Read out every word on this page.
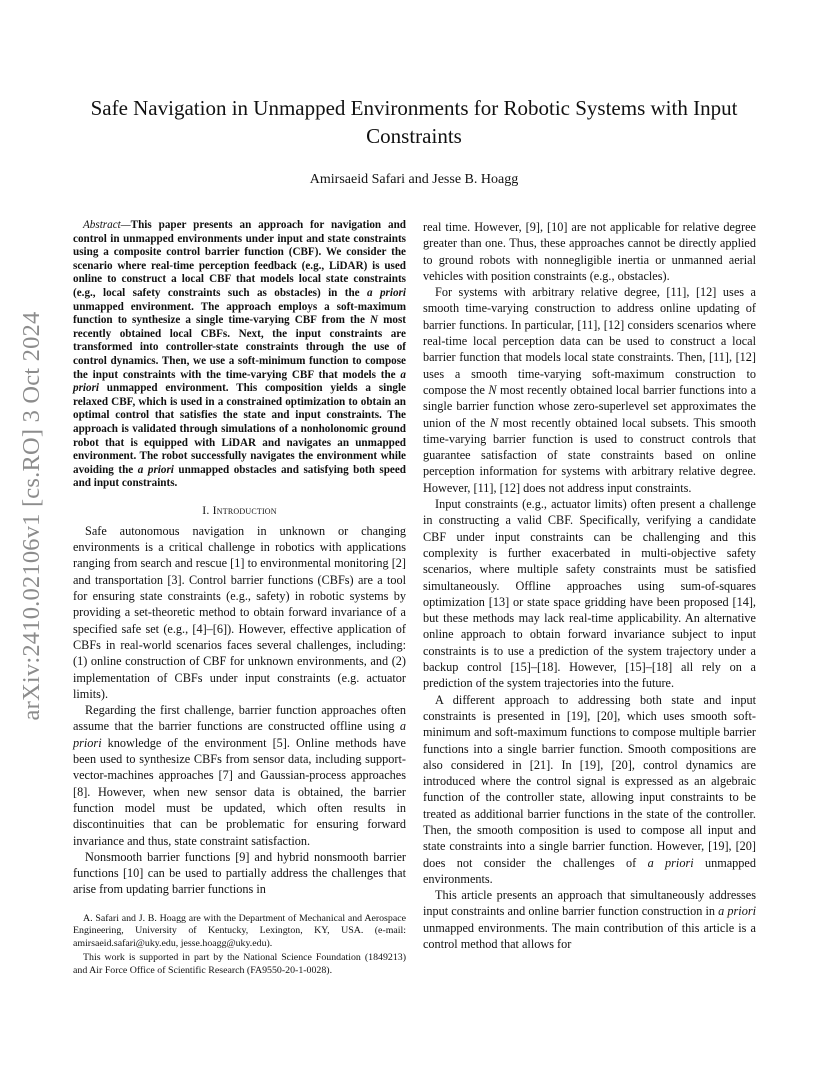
arXiv:2410.02106v1 [cs.RO] 3 Oct 2024
Safe Navigation in Unmapped Environments for Robotic Systems with Input Constraints
Amirsaeid Safari and Jesse B. Hoagg

Abstract — This paper presents an approach for navigation and control in unmapped environments under input and state constraints using a composite control barrier function (CBF). We consider the scenario where real-time perception feedback (e.g., LiDAR) is used online to construct a local CBF that models local state constraints (e.g., local safety constraints such as obstacles) in the a priori unmapped environment. The approach employs a soft-maximum function to synthesize a single time-varying CBF from the N most recently obtained local CBFs. Next, the input constraints are transformed into controller-state constraints through the use of control dynamics. Then, we use a soft-minimum function to compose the input constraints with the time-varying CBF that models the a priori unmapped environment. This composition yields a single relaxed CBF, which is used in a constrained optimization to obtain an optimal control that satisfies the state and input constraints. The approach is validated through simulations of a nonholonomic ground robot that is equipped with LiDAR and navigates an unmapped environment. The robot successfully navigates the environment while avoiding the a priori unmapped obstacles and satisfying both speed and input constraints.

I. Introduction

Safe autonomous navigation in unknown or changing environments is a critical challenge in robotics with applications ranging from search and rescue [1] to environmental monitoring [2] and transportation [3]. Control barrier functions (CBFs) are a tool for ensuring state constraints (e.g., safety) in robotic systems by providing a set-theoretic method to obtain forward invariance of a specified safe set (e.g., [4]–[6]). However, effective application of CBFs in real-world scenarios faces several challenges, including: (1) online construction of CBF for unknown environments, and (2) implementation of CBFs under input constraints (e.g. actuator limits).

Regarding the first challenge, barrier function approaches often assume that the barrier functions are constructed offline using a priori knowledge of the environment [5]. Online methods have been used to synthesize CBFs from sensor data, including support-vector-machines approaches [7] and Gaussian-process approaches [8]. However, when new sensor data is obtained, the barrier function model must be updated, which often results in discontinuities that can be problematic for ensuring forward invariance and thus, state constraint satisfaction.

Nonsmooth barrier functions [9] and hybrid nonsmooth barrier functions [10] can be used to partially address the challenges that arise from updating barrier functions in

A. Safari and J. B. Hoagg are with the Department of Mechanical and Aerospace Engineering, University of Kentucky, Lexington, KY, USA. (e-mail: amirsaeid.safari@uky.edu, jesse.hoagg@uky.edu).

This work is supported in part by the National Science Foundation (1849213) and Air Force Office of Scientific Research (FA9550-20-1-0028).

real time. However, [9], [10] are not applicable for relative degree greater than one. Thus, these approaches cannot be directly applied to ground robots with nonnegligible inertia or unmanned aerial vehicles with position constraints (e.g., obstacles).

For systems with arbitrary relative degree, [11], [12] uses a smooth time-varying construction to address online updating of barrier functions. In particular, [11], [12] considers scenarios where real-time local perception data can be used to construct a local barrier function that models local state constraints. Then, [11], [12] uses a smooth time-varying soft-maximum construction to compose the N most recently obtained local barrier functions into a single barrier function whose zero-superlevel set approximates the union of the N most recently obtained local subsets. This smooth time-varying barrier function is used to construct controls that guarantee satisfaction of state constraints based on online perception information for systems with arbitrary relative degree. However, [11], [12] does not address input constraints.

Input constraints (e.g., actuator limits) often present a challenge in constructing a valid CBF. Specifically, verifying a candidate CBF under input constraints can be challenging and this complexity is further exacerbated in multi-objective safety scenarios, where multiple safety constraints must be satisfied simultaneously. Offline approaches using sum-of-squares optimization [13] or state space gridding have been proposed [14], but these methods may lack real-time applicability. An alternative online approach to obtain forward invariance subject to input constraints is to use a prediction of the system trajectory under a backup control [15]–[18]. However, [15]–[18] all rely on a prediction of the system trajectories into the future.

A different approach to addressing both state and input constraints is presented in [19], [20], which uses smooth soft-minimum and soft-maximum functions to compose multiple barrier functions into a single barrier function. Smooth compositions are also considered in [21]. In [19], [20], control dynamics are introduced where the control signal is expressed as an algebraic function of the controller state, allowing input constraints to be treated as additional barrier functions in the state of the controller. Then, the smooth composition is used to compose all input and state constraints into a single barrier function. However, [19], [20] does not consider the challenges of a priori unmapped environments.

This article presents an approach that simultaneously addresses input constraints and online barrier function construction in a priori unmapped environments. The main contribution of this article is a control method that allows for
